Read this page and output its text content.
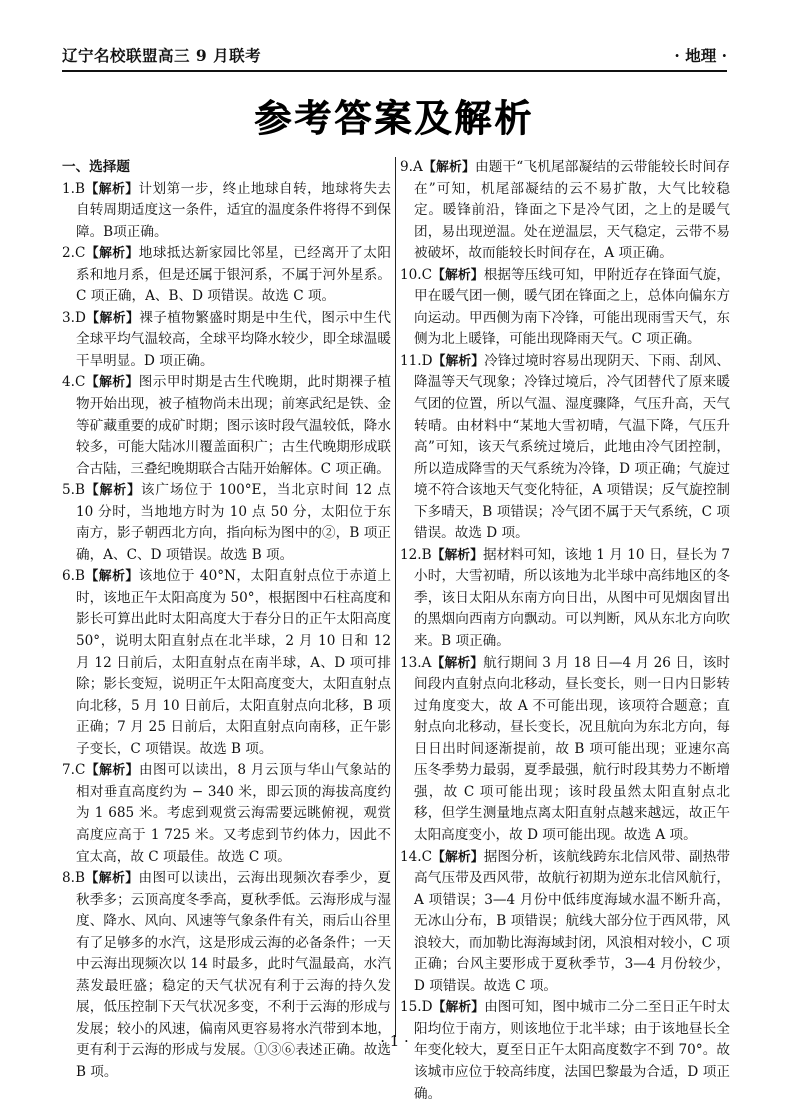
辽宁名校联盟高三 9 月联考	· 地理 ·
参考答案及解析

一、选择题

1.B【解析】计划第一步，终止地球自转，地球将失去自转周期适度这一条件，适宜的温度条件将得不到保障。B项正确。

2.C【解析】地球抵达新家园比邻星，已经离开了太阳系和地月系，但是还属于银河系，不属于河外星系。C 项正确，A、B、D 项错误。故选 C 项。

3.D【解析】裸子植物繁盛时期是中生代，图示中生代全球平均气温较高，全球平均降水较少，即全球温暖干旱明显。D 项正确。

4.C【解析】图示甲时期是古生代晚期，此时期裸子植物开始出现，被子植物尚未出现；前寒武纪是铁、金等矿藏重要的成矿时期；图示该时段气温较低，降水较多，可能大陆冰川覆盖面积广；古生代晚期形成联合古陆，三叠纪晚期联合古陆开始解体。C 项正确。

5.B【解析】该广场位于 100°E，当北京时间 12 点 10 分时，当地地方时为 10 点 50 分，太阳位于东南方，影子朝西北方向，指向标为图中的②，B 项正确，A、C、D 项错误。故选 B 项。

6.B【解析】该地位于 40°N，太阳直射点位于赤道上时，该地正午太阳高度为 50°，根据图中石柱高度和影长可算出此时太阳高度大于春分日的正午太阳高度 50°，说明太阳直射点在北半球，2 月 10 日和 12 月 12 日前后，太阳直射点在南半球，A、D 项可排除；影长变短，说明正午太阳高度变大，太阳直射点向北移，5 月 10 日前后，太阳直射点向北移，B 项正确；7 月 25 日前后，太阳直射点向南移，正午影子变长，C 项错误。故选 B 项。

7.C【解析】由图可以读出，8 月云顶与华山气象站的相对垂直高度约为 − 340 米，即云顶的海拔高度约为 1 685 米。考虑到观赏云海需要远眺俯视，观赏高度应高于 1 725 米。又考虑到节约体力，因此不宜太高，故 C 项最佳。故选 C 项。

8.B【解析】由图可以读出，云海出现频次春季少，夏秋季多；云顶高度冬季高，夏秋季低。云海形成与湿度、降水、风向、风速等气象条件有关，雨后山谷里有了足够多的水汽，这是形成云海的必备条件；一天中云海出现频次以 14 时最多，此时气温最高，水汽蒸发最旺盛；稳定的天气状况有利于云海的持久发展，低压控制下天气状况多变，不利于云海的形成与发展；较小的风速，偏南风更容易将水汽带到本地，更有利于云海的形成与发展。①③⑥表述正确。故选 B 项。

9.A【解析】由题干“飞机尾部凝结的云带能较长时间存在”可知，机尾部凝结的云不易扩散，大气比较稳定。暖锋前沿，锋面之下是冷气团，之上的是暖气团，易出现逆温。处在逆温层，天气稳定，云带不易被破坏，故而能较长时间存在，A 项正确。

10.C【解析】根据等压线可知，甲附近存在锋面气旋，甲在暖气团一侧，暖气团在锋面之上，总体向偏东方向运动。甲西侧为南下冷锋，可能出现雨雪天气，东侧为北上暖锋，可能出现降雨天气。C 项正确。

11.D【解析】冷锋过境时容易出现阴天、下雨、刮风、降温等天气现象；冷锋过境后，冷气团替代了原来暖气团的位置，所以气温、湿度骤降，气压升高，天气转晴。由材料中“某地大雪初晴，气温下降，气压升高”可知，该天气系统过境后，此地由冷气团控制，所以造成降雪的天气系统为冷锋，D 项正确；气旋过境不符合该地天气变化特征，A 项错误；反气旋控制下多晴天，B 项错误；冷气团不属于天气系统，C 项错误。故选 D 项。

12.B【解析】据材料可知，该地 1 月 10 日，昼长为 7 小时，大雪初晴，所以该地为北半球中高纬地区的冬季，该日太阳从东南方向日出，从图中可见烟囱冒出的黑烟向西南方向飘动。可以判断，风从东北方向吹来。B 项正确。

13.A【解析】航行期间 3 月 18 日—4 月 26 日，该时间段内直射点向北移动，昼长变长，则一日内日影转过角度变大，故 A 不可能出现，该项符合题意；直射点向北移动，昼长变长，况且航向为东北方向，每日日出时间逐渐提前，故 B 项可能出现；亚速尔高压冬季势力最弱，夏季最强，航行时段其势力不断增强，故 C 项可能出现；该时段虽然太阳直射点北移，但学生测量地点离太阳直射点越来越远，故正午太阳高度变小，故 D 项可能出现。故选 A 项。

14.C【解析】据图分析，该航线跨东北信风带、副热带高气压带及西风带，故航行初期为逆东北信风航行，A 项错误；3—4 月份中低纬度海域水温不断升高，无冰山分布，B 项错误；航线大部分位于西风带，风浪较大，而加勒比海海域封闭，风浪相对较小，C 项正确；台风主要形成于夏秋季节，3—4 月份较少，D 项错误。故选 C 项。

15.D【解析】由图可知，图中城市二分二至日正午时太阳均位于南方，则该地位于北半球；由于该地昼长全年变化较大，夏至日正午太阳高度数字不到 70°。故该城市应位于较高纬度，法国巴黎最为合适，D 项正确。

· 1 ·
